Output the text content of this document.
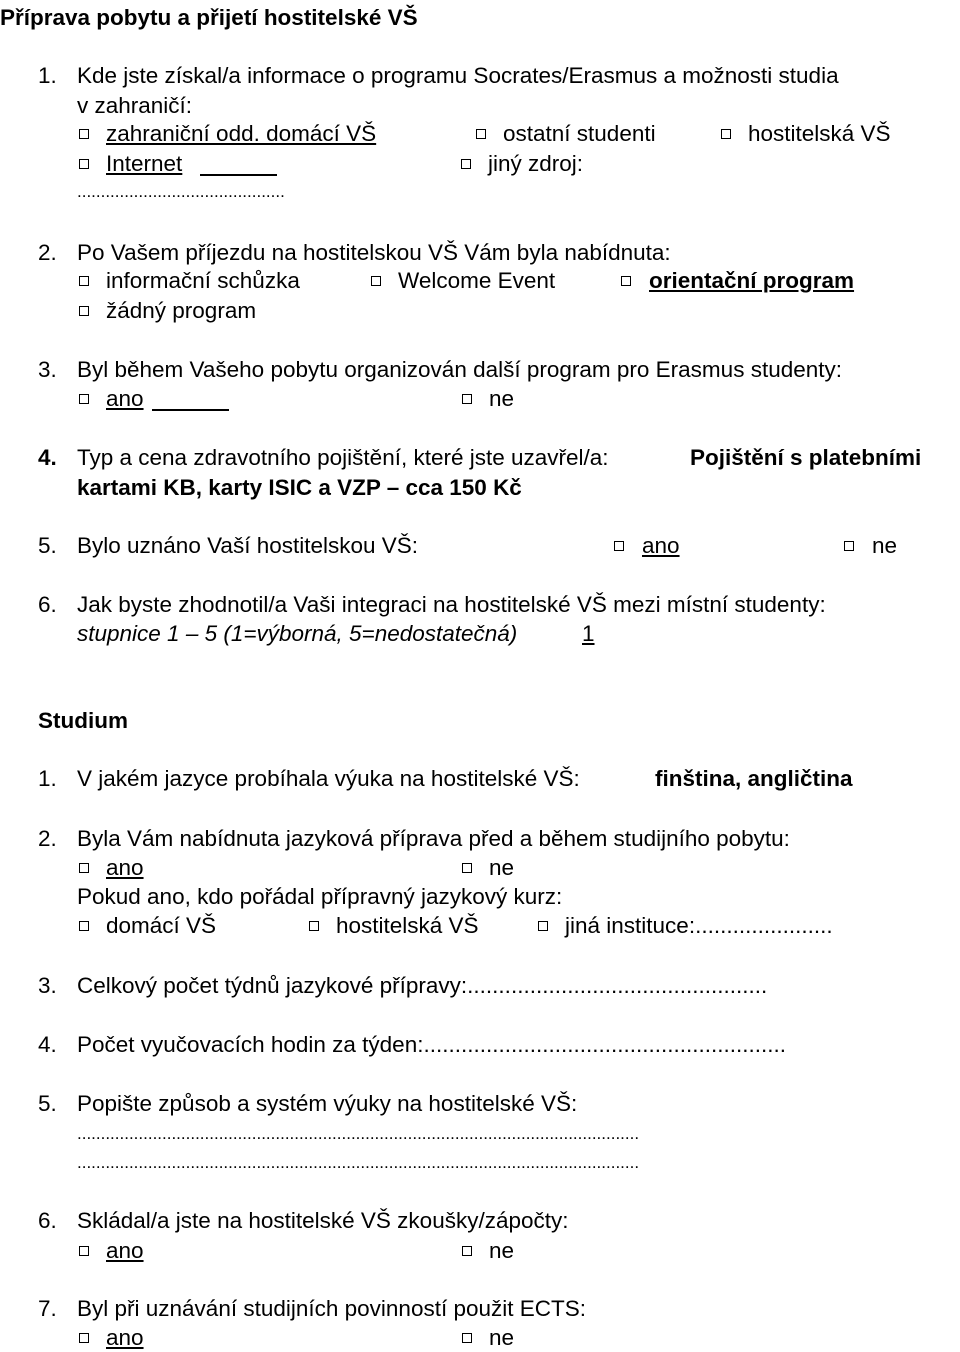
Příprava pobytu a přijetí hostitelské VŠ
1. Kde jste získal/a informace o programu Socrates/Erasmus a možnosti studia
v zahraničí:
zahraniční odd. domácí VŠ	ostatní studenti	hostitelská VŠ
Internet	jiný zdroj:
............................................
2. Po Vašem příjezdu na hostitelskou VŠ Vám byla nabídnuta:
informační schůzka	Welcome Event	orientační program
žádný program
3. Byl během Vašeho pobytu organizován další program pro Erasmus studenty:
ano	ne
4. Typ a cena zdravotního pojištění, které jste uzavřel/a:	Pojištění s platebními
kartami KB, karty ISIC a VZP – cca 150 Kč
5. Bylo uznáno Vaší hostitelskou VŠ:	ano	ne
6. Jak byste zhodnotil/a Vaši integraci na hostitelské VŠ mezi místní studenty:
stupnice 1 – 5 (1=výborná, 5=nedostatečná)	1
Studium
1. V jakém jazyce probíhala výuka na hostitelské VŠ:	finština, angličtina
2. Byla Vám nabídnuta jazyková příprava před a během studijního pobytu:
ano	ne
Pokud ano, kdo pořádal přípravný jazykový kurz:
domácí VŠ	hostitelská VŠ	jiná instituce:......................
3. Celkový počet týdnů jazykové přípravy:................................................
4. Počet vyučovacích hodin za týden:..........................................................
5. Popište způsob a systém výuky na hostitelské VŠ:
.......................................................................................................................
.......................................................................................................................
6. Skládal/a jste na hostitelské VŠ zkoušky/zápočty:
ano	ne
7. Byl při uznávání studijních povinností použit ECTS:
ano	ne
